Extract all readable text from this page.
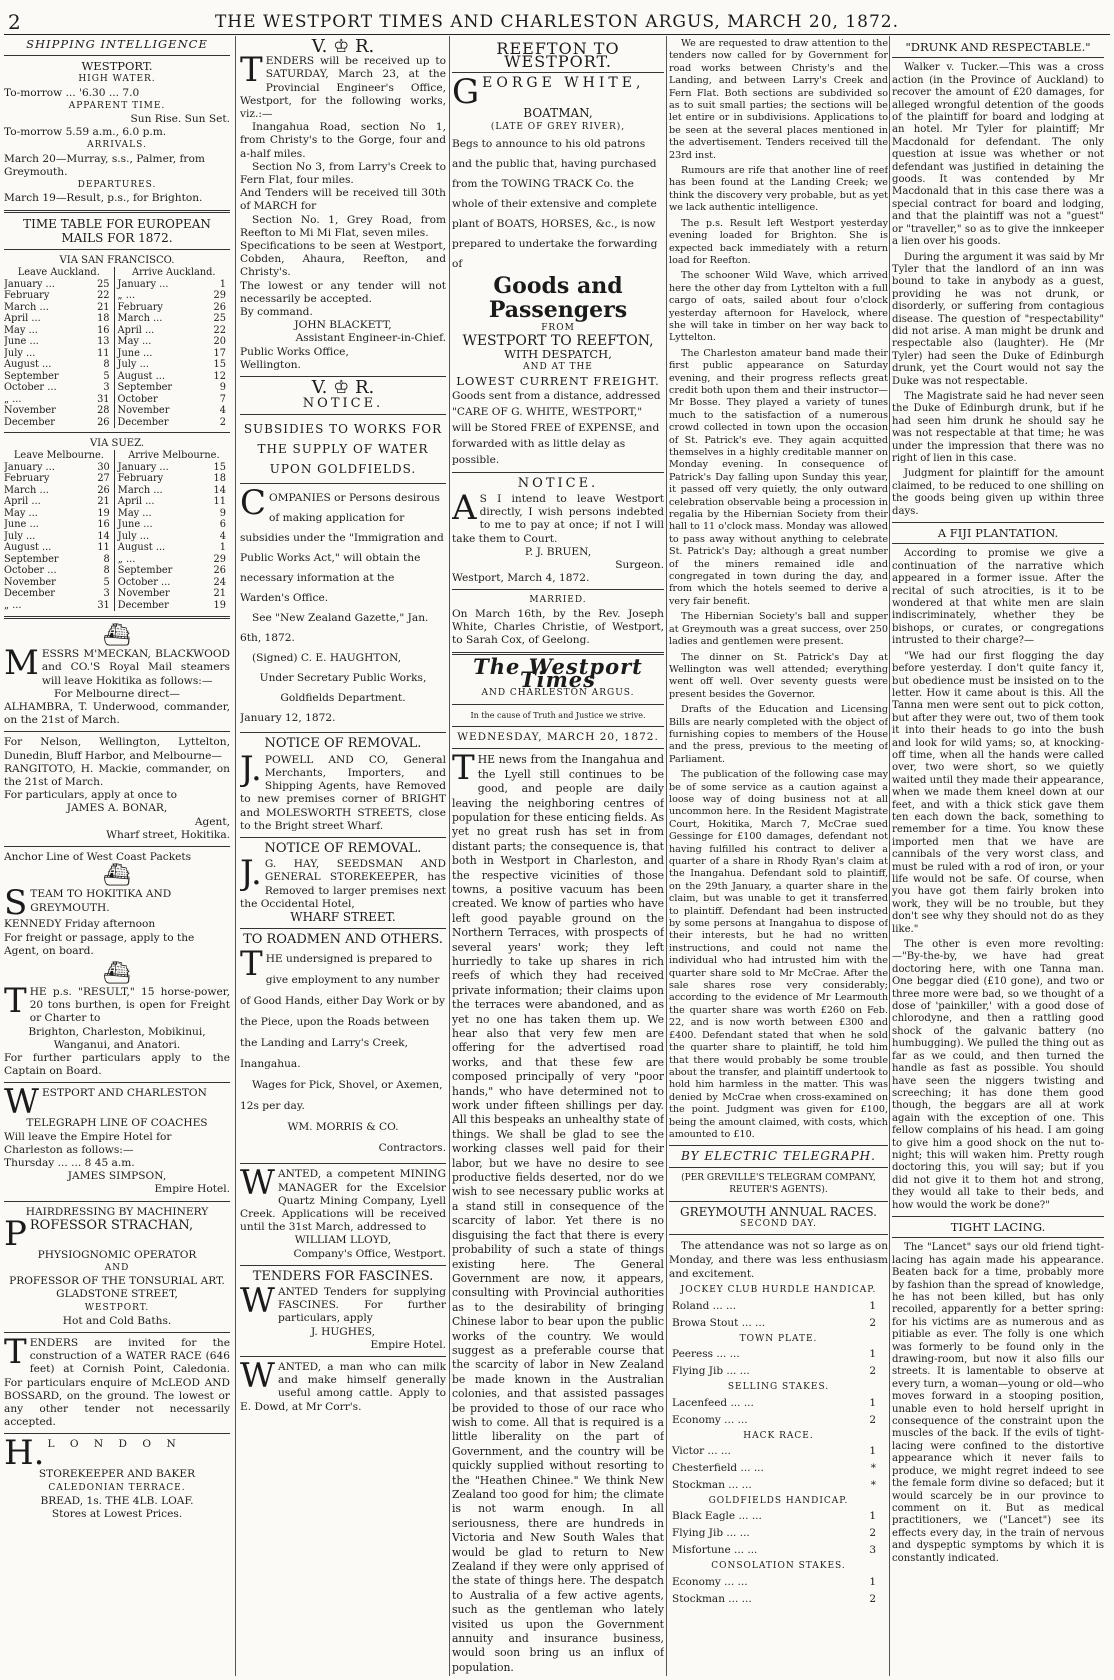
2	THE WESTPORT TIMES AND CHARLESTON ARGUS, MARCH 20, 1872.
SHIPPING INTELLIGENCE
WESTPORT.
HIGH WATER.
To-morrow ... '6.30 ... 7.0
APPARENT TIME.
Sun Rise. Sun Set.
To-morrow 5.59 a.m., 6.0 p.m.
ARRIVALS.
March 20—Murray, s.s., Palmer, from Greymouth.
DEPARTURES.
March 19—Result, p.s., for Brighton.
TIME TABLE FOR EUROPEAN MAILS FOR 1872.
VIA SAN FRANCISCO.
Leave Auckland.		Arrive Auckland.	
January ...	25	January ...	1
February	22	„ ...	29
March ...	21	February	26
April ...	18	March ...	25
May ...	16	April ...	22
June ...	13	May ...	20
July ...	11	June ...	17
August ...	8	July ...	15
September	5	August ...	12
October ...	3	September	9
„ ...	31	October	7
November	28	November	4
December	26	December	2
VIA SUEZ.
Leave Melbourne.		Arrive Melbourne.	
January ...	30	January ...	15
February	27	February	18
March ...	26	March ...	14
April ...	21	April ...	11
May ...	19	May ...	9
June ...	16	June ...	6
July ...	14	July ...	4
August ...	11	August ...	1
September	8	„ ...	29
October ...	8	September	26
November	5	October ...	24
December	3	November	21
„ ...	31	December	19
⛴
MESSRS M'MECKAN, BLACKWOOD and CO.'S Royal Mail steamers will leave Hokitika as follows:—
For Melbourne direct—
ALHAMBRA, T. Underwood, commander, on the 21st of March.
For Nelson, Wellington, Lyttelton, Dunedin, Bluff Harbor, and Melbourne—
RANGITOTO, H. Mackie, commander, on the 21st of March.
For particulars, apply at once to
JAMES A. BONAR,
Agent,
Wharf street, Hokitika.
Anchor Line of West Coast Packets
⛴
STEAM TO HOKITIKA AND GREYMOUTH.
KENNEDY Friday afternoon
For freight or passage, apply to the Agent, on board.
⛴
THE p.s. "RESULT," 15 horse-power, 20 tons burthen, is open for Freight or Charter to
Brighton, Charleston, Mobikinui, Wanganui, and Anatori.
For further particulars apply to the Captain on Board.
WESTPORT AND CHARLESTON
TELEGRAPH LINE OF COACHES
Will leave the Empire Hotel for Charleston as follows:—
Thursday ... ... 8 45 a.m.
JAMES SIMPSON,
Empire Hotel.
HAIRDRESSING BY MACHINERY
PROFESSOR STRACHAN,
PHYSIOGNOMIC OPERATOR
AND
PROFESSOR OF THE TONSURIAL ART.
GLADSTONE STREET,
WESTPORT.
Hot and Cold Baths.
TENDERS are invited for the construction of a WATER RACE (646 feet) at Cornish Point, Caledonia. For particulars enquire of McLEOD AND BOSSARD, on the ground. The lowest or any other tender not necessarily accepted.
H. L O N D O N
STOREKEEPER AND BAKER
CALEDONIAN TERRACE.
BREAD, 1s. THE 4LB. LOAF.
Stores at Lowest Prices.
V. ♔ R.
TENDERS will be received up to SATURDAY, March 23, at the Provincial Engineer's Office, Westport, for the following works, viz.:—
Inangahua Road, section No 1, from Christy's to the Gorge, four and a-half miles.
Section No 3, from Larry's Creek to Fern Flat, four miles.
And Tenders will be received till 30th of MARCH for
Section No. 1, Grey Road, from Reefton to Mi Mi Flat, seven miles.
Specifications to be seen at Westport, Cobden, Ahaura, Reefton, and Christy's.
The lowest or any tender will not necessarily be accepted.
By command.
JOHN BLACKETT,
Assistant Engineer-in-Chief.
Public Works Office,
Wellington.
V. ♔ R.
NOTICE.
SUBSIDIES TO WORKS FOR THE SUPPLY OF WATER UPON GOLDFIELDS.
COMPANIES or Persons desirous of making application for subsidies under the "Immigration and Public Works Act," will obtain the necessary information at the Warden's Office.
See "New Zealand Gazette," Jan. 6th, 1872.
(Signed) C. E. HAUGHTON,
Under Secretary Public Works,
Goldfields Department.
January 12, 1872.
NOTICE OF REMOVAL.
J. POWELL AND CO, General Merchants, Importers, and Shipping Agents, have Removed to new premises corner of BRIGHT and MOLESWORTH STREETS, close to the Bright street Wharf.
NOTICE OF REMOVAL.
J. G. HAY, SEEDSMAN AND GENERAL STOREKEEPER, has Removed to larger premises next the Occidental Hotel,
WHARF STREET.
TO ROADMEN AND OTHERS.
THE undersigned is prepared to give employment to any number of Good Hands, either Day Work or by the Piece, upon the Roads between the Landing and Larry's Creek, Inangahua.
Wages for Pick, Shovel, or Axemen, 12s per day.
WM. MORRIS & CO.
Contractors.
WANTED, a competent MINING MANAGER for the Excelsior Quartz Mining Company, Lyell Creek. Applications will be received until the 31st March, addressed to
WILLIAM LLOYD,
Company's Office, Westport.
TENDERS FOR FASCINES.
WANTED Tenders for supplying FASCINES. For further particulars, apply
J. HUGHES,
Empire Hotel.
WANTED, a man who can milk and make himself generally useful among cattle. Apply to E. Dowd, at Mr Corr's.
REEFTON TO WESTPORT.
GEORGE WHITE,
BOATMAN,
(LATE OF GREY RIVER),
Begs to announce to his old patrons and the public that, having purchased from the TOWING TRACK Co. the whole of their extensive and complete plant of BOATS, HORSES, &c., is now prepared to undertake the forwarding of
Goods and Passengers
FROM
WESTPORT TO REEFTON,
WITH DESPATCH,
AND AT THE
LOWEST CURRENT FREIGHT.
Goods sent from a distance, addressed "CARE OF G. WHITE, WESTPORT," will be Stored FREE of EXPENSE, and forwarded with as little delay as possible.
NOTICE.
A S I intend to leave Westport directly, I wish persons indebted to me to pay at once; if not I will take them to Court.
P. J. BRUEN,
Surgeon.
Westport, March 4, 1872.
MARRIED.
On March 16th, by the Rev. Joseph White, Charles Christie, of Westport, to Sarah Cox, of Geelong.
The Westport Times
AND CHARLESTON ARGUS.
In the cause of Truth and Justice we strive.
WEDNESDAY, MARCH 20, 1872.
THE news from the Inangahua and the Lyell still continues to be good, and people are daily leaving the neighboring centres of population for these enticing fields. As yet no great rush has set in from distant parts; the consequence is, that both in Westport in Charleston, and the respective vicinities of those towns, a positive vacuum has been created. We know of parties who have left good payable ground on the Northern Terraces, with prospects of several years' work; they left hurriedly to take up shares in rich reefs of which they had received private information; their claims upon the terraces were abandoned, and as yet no one has taken them up. We hear also that very few men are offering for the advertised road works, and that these few are composed principally of very "poor hands," who have determined not to work under fifteen shillings per day. All this bespeaks an unhealthy state of things. We shall be glad to see the working classes well paid for their labor, but we have no desire to see productive fields deserted, nor do we wish to see necessary public works at a stand still in consequence of the scarcity of labor. Yet there is no disguising the fact that there is every probability of such a state of things existing here. The General Government are now, it appears, consulting with Provincial authorities as to the desirability of bringing Chinese labor to bear upon the public works of the country. We would suggest as a preferable course that the scarcity of labor in New Zealand be made known in the Australian colonies, and that assisted passages be provided to those of our race who wish to come. All that is required is a little liberality on the part of Government, and the country will be quickly supplied without resorting to the "Heathen Chinee." We think New Zealand too good for him; the climate is not warm enough. In all seriousness, there are hundreds in Victoria and New South Wales that would be glad to return to New Zealand if they were only apprised of the state of things here. The despatch to Australia of a few active agents, such as the gentleman who lately visited us upon the Government annuity and insurance business, would soon bring us an influx of population.
We are requested to draw attention to the tenders now called for by Government for road works between Christy's and the Landing, and between Larry's Creek and Fern Flat. Both sections are subdivided so as to suit small parties; the sections will be let entire or in subdivisions. Applications to be seen at the several places mentioned in the advertisement. Tenders received till the 23rd inst.
Rumours are rife that another line of reef has been found at the Landing Creek; we think the discovery very probable, but as yet we lack authentic intelligence.
The p.s. Result left Westport yesterday evening loaded for Brighton. She is expected back immediately with a return load for Reefton.
The schooner Wild Wave, which arrived here the other day from Lyttelton with a full cargo of oats, sailed about four o'clock yesterday afternoon for Havelock, where she will take in timber on her way back to Lyttelton.
The Charleston amateur band made their first public appearance on Saturday evening, and their progress reflects great credit both upon them and their instructor—Mr Bosse. They played a variety of tunes much to the satisfaction of a numerous crowd collected in town upon the occasion of St. Patrick's eve. They again acquitted themselves in a highly creditable manner on Monday evening. In consequence of Patrick's Day falling upon Sunday this year, it passed off very quietly, the only outward celebration observable being a procession in regalia by the Hibernian Society from their hall to 11 o'clock mass. Monday was allowed to pass away without anything to celebrate St. Patrick's Day; although a great number of the miners remained idle and congregated in town during the day, and from which the hotels seemed to derive a very fair benefit.
The Hibernian Society's ball and supper at Greymouth was a great success, over 250 ladies and gentlemen were present.
The dinner on St. Patrick's Day at Wellington was well attended; everything went off well. Over seventy guests were present besides the Governor.
Drafts of the Education and Licensing Bills are nearly completed with the object of furnishing copies to members of the House and the press, previous to the meeting of Parliament.
The publication of the following case may be of some service as a caution against a loose way of doing business not at all uncommon here. In the Resident Magistrate Court, Hokitika, March 7, McCrae sued Gessinge for £100 damages, defendant not having fulfilled his contract to deliver a quarter of a share in Rhody Ryan's claim at the Inangahua. Defendant sold to plaintiff, on the 29th January, a quarter share in the claim, but was unable to get it transferred to plaintiff. Defendant had been instructed by some persons at Inangahua to dispose of their interests, but he had no written instructions, and could not name the individual who had intrusted him with the quarter share sold to Mr McCrae. After the sale shares rose very considerably; according to the evidence of Mr Learmouth the quarter share was worth £260 on Feb. 22, and is now worth between £300 and £400. Defendant stated that when he sold the quarter share to plaintiff, he told him that there would probably be some trouble about the transfer, and plaintiff undertook to hold him harmless in the matter. This was denied by McCrae when cross-examined on the point. Judgment was given for £100, being the amount claimed, with costs, which amounted to £10.
BY ELECTRIC TELEGRAPH.
(PER GREVILLE'S TELEGRAM COMPANY, REUTER'S AGENTS).
GREYMOUTH ANNUAL RACES.
SECOND DAY.
The attendance was not so large as on Monday, and there was less enthusiasm and excitement.
JOCKEY CLUB HURDLE HANDICAP.
Roland ... ...	1
Browa Stout ... ...	2
TOWN PLATE.
Peeress ... ...	1
Flying Jib ... ...	2
SELLING STAKES.
Lacenfeed ... ...	1
Economy ... ...	2
HACK RACE.
Victor ... ...	1
Chesterfield ... ...	*
Stockman ... ...	*
GOLDFIELDS HANDICAP.
Black Eagle ... ...	1
Flying Jib ... ...	2
Misfortune ... ...	3
CONSOLATION STAKES.
Economy ... ...	1
Stockman ... ...	2
"DRUNK AND RESPECTABLE."
Walker v. Tucker.—This was a cross action (in the Province of Auckland) to recover the amount of £20 damages, for alleged wrongful detention of the goods of the plaintiff for board and lodging at an hotel. Mr Tyler for plaintiff; Mr Macdonald for defendant. The only question at issue was whether or not defendant was justified in detaining the goods. It was contended by Mr Macdonald that in this case there was a special contract for board and lodging, and that the plaintiff was not a "guest" or "traveller," so as to give the innkeeper a lien over his goods.
During the argument it was said by Mr Tyler that the landlord of an inn was bound to take in anybody as a guest, providing he was not drunk, or disorderly, or suffering from contagious disease. The question of "respectability" did not arise. A man might be drunk and respectable also (laughter). He (Mr Tyler) had seen the Duke of Edinburgh drunk, yet the Court would not say the Duke was not respectable.
The Magistrate said he had never seen the Duke of Edinburgh drunk, but if he had seen him drunk he should say he was not respectable at that time; he was under the impression that there was no right of lien in this case.
Judgment for plaintiff for the amount claimed, to be reduced to one shilling on the goods being given up within three days.
A FIJI PLANTATION.
According to promise we give a continuation of the narrative which appeared in a former issue. After the recital of such atrocities, is it to be wondered at that white men are slain indiscriminately, whether they be bishops, or curates, or congregations intrusted to their charge?—
"We had our first flogging the day before yesterday. I don't quite fancy it, but obedience must be insisted on to the letter. How it came about is this. All the Tanna men were sent out to pick cotton, but after they were out, two of them took it into their heads to go into the bush and look for wild yams; so, at knocking-off time, when all the hands were called over, two were short, so we quietly waited until they made their appearance, when we made them kneel down at our feet, and with a thick stick gave them ten each down the back, something to remember for a time. You know these imported men that we have are cannibals of the very worst class, and must be ruled with a rod of iron, or your life would not be safe. Of course, when you have got them fairly broken into work, they will be no trouble, but they don't see why they should not do as they like."
The other is even more revolting:—"By-the-by, we have had great doctoring here, with one Tanna man. One beggar died (£10 gone), and two or three more were bad, so we thought of a dose of 'painkiller,' with a good dose of chlorodyne, and then a rattling good shock of the galvanic battery (no humbugging). We pulled the thing out as far as we could, and then turned the handle as fast as possible. You should have seen the niggers twisting and screeching; it has done them good though, the beggars are all at work again with the exception of one. This fellow complains of his head. I am going to give him a good shock on the nut to-night; this will waken him. Pretty rough doctoring this, you will say; but if you did not give it to them hot and strong, they would all take to their beds, and how would the work be done?"
TIGHT LACING.
The "Lancet" says our old friend tight-lacing has again made his appearance. Beaten back for a time, probably more by fashion than the spread of knowledge, he has not been killed, but has only recoiled, apparently for a better spring: for his victims are as numerous and as pitiable as ever. The folly is one which was formerly to be found only in the drawing-room, but now it also fills our streets. It is lamentable to observe at every turn, a woman—young or old—who moves forward in a stooping position, unable even to hold herself upright in consequence of the constraint upon the muscles of the back. If the evils of tight-lacing were confined to the distortive appearance which it never fails to produce, we might regret indeed to see the female form divine so defaced; but it would scarcely be in our province to comment on it. But as medical practitioners, we ("Lancet") see its effects every day, in the train of nervous and dyspeptic symptoms by which it is constantly indicated.
